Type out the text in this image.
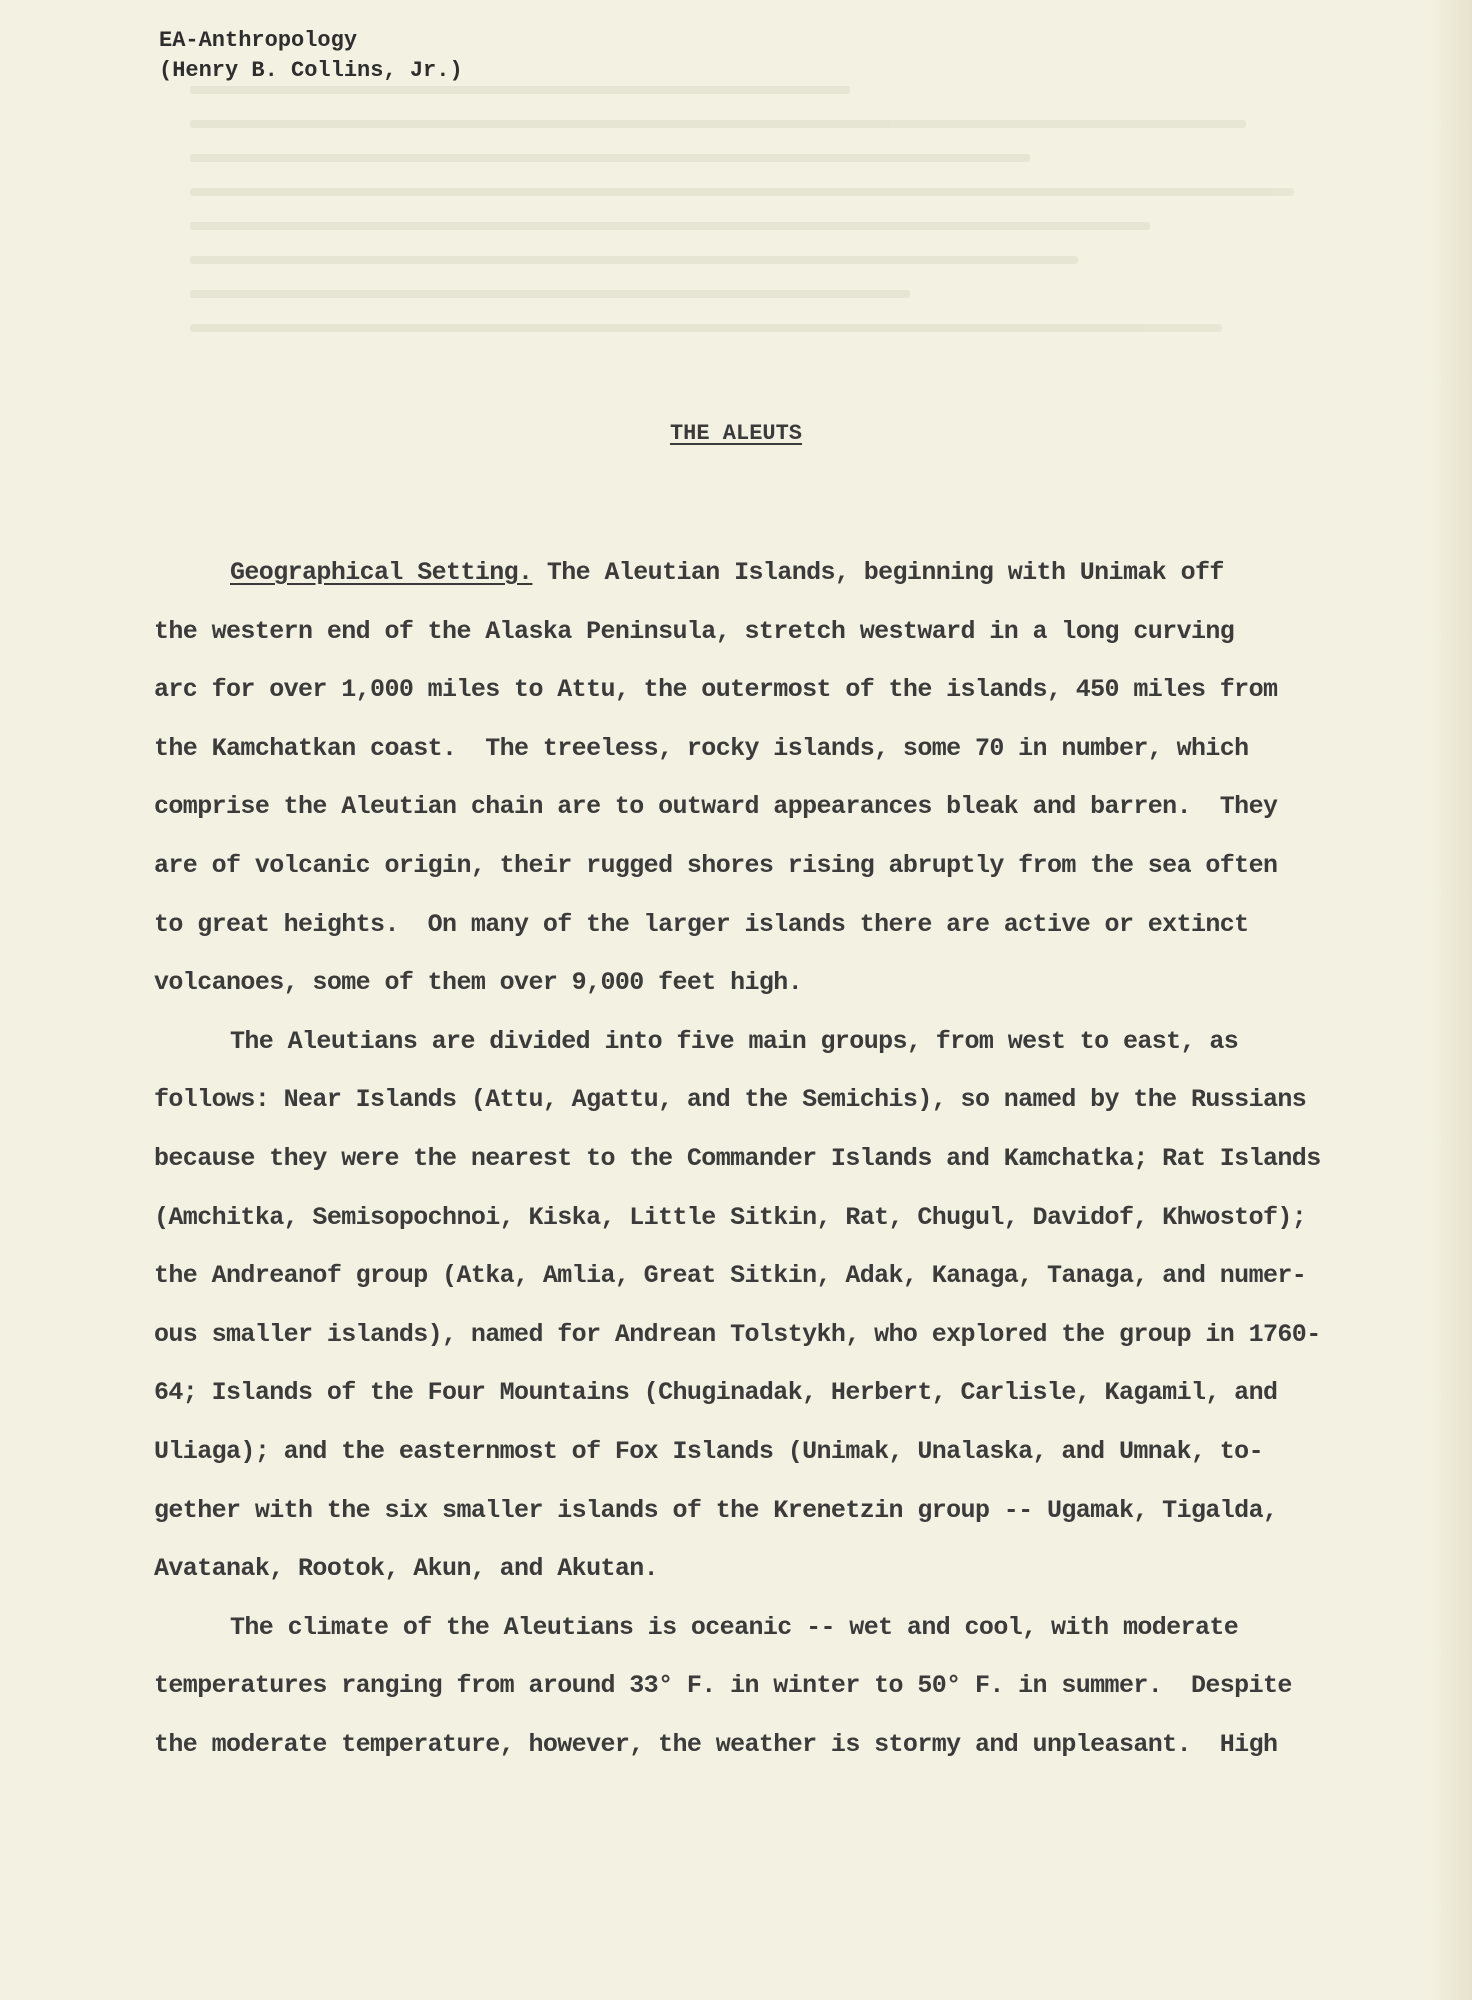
EA-Anthropology
(Henry B. Collins, Jr.)
THE ALEUTS
Geographical Setting. The Aleutian Islands, beginning with Unimak off
the western end of the Alaska Peninsula, stretch westward in a long curving
arc for over 1,000 miles to Attu, the outermost of the islands, 450 miles from
the Kamchatkan coast.  The treeless, rocky islands, some 70 in number, which
comprise the Aleutian chain are to outward appearances bleak and barren.  They
are of volcanic origin, their rugged shores rising abruptly from the sea often
to great heights.  On many of the larger islands there are active or extinct
volcanoes, some of them over 9,000 feet high.
The Aleutians are divided into five main groups, from west to east, as
follows: Near Islands (Attu, Agattu, and the Semichis), so named by the Russians
because they were the nearest to the Commander Islands and Kamchatka; Rat Islands
(Amchitka, Semisopochnoi, Kiska, Little Sitkin, Rat, Chugul, Davidof, Khwostof);
the Andreanof group (Atka, Amlia, Great Sitkin, Adak, Kanaga, Tanaga, and numer-
ous smaller islands), named for Andrean Tolstykh, who explored the group in 1760-
64; Islands of the Four Mountains (Chuginadak, Herbert, Carlisle, Kagamil, and
Uliaga); and the easternmost of Fox Islands (Unimak, Unalaska, and Umnak, to-
gether with the six smaller islands of the Krenetzin group -- Ugamak, Tigalda,
Avatanak, Rootok, Akun, and Akutan.
The climate of the Aleutians is oceanic -- wet and cool, with moderate
temperatures ranging from around 33° F. in winter to 50° F. in summer.  Despite
the moderate temperature, however, the weather is stormy and unpleasant.  High
